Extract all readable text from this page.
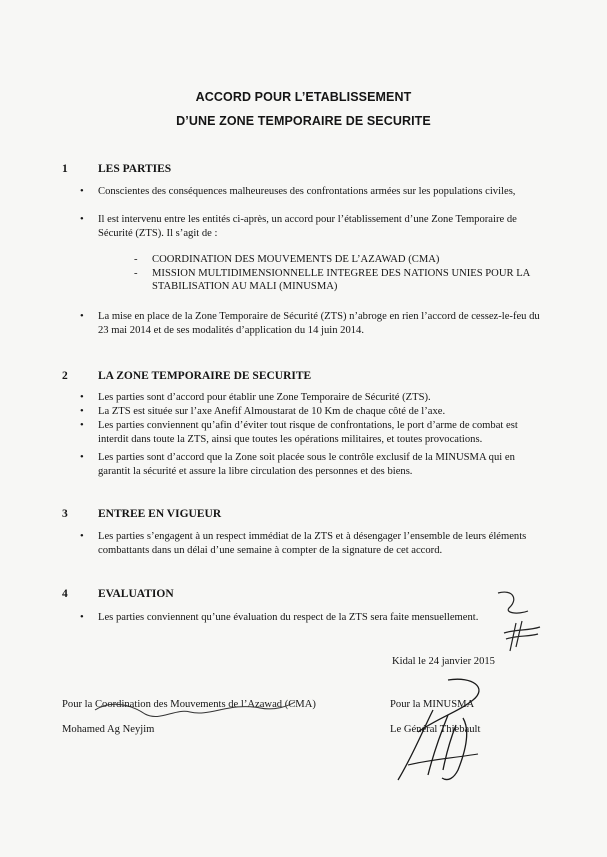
ACCORD POUR L’ETABLISSEMENT
D’UNE ZONE TEMPORAIRE DE SECURITE
1	LES PARTIES
• Conscientes des conséquences malheureuses des confrontations armées sur les populations civiles,
• Il est intervenu entre les entités ci-après, un accord pour l’établissement d’une Zone Temporaire de Sécurité (ZTS). Il s’agit de :
- COORDINATION DES MOUVEMENTS DE L’AZAWAD (CMA)
- MISSION MULTIDIMENSIONNELLE INTEGREE DES NATIONS UNIES POUR LA STABILISATION AU MALI (MINUSMA)
• La mise en place de la Zone Temporaire de Sécurité (ZTS) n’abroge en rien l’accord de cessez-le-feu du 23 mai 2014 et de ses modalités d’application du 14 juin 2014.
2	LA ZONE TEMPORAIRE DE SECURITE
• Les parties sont d’accord pour établir une Zone Temporaire de Sécurité (ZTS).
• La ZTS est située sur l’axe Anefif Almoustarat de 10 Km de chaque côté de l’axe.
• Les parties conviennent qu’afin d’éviter tout risque de confrontations, le port d’arme de combat est interdit dans toute la ZTS, ainsi que toutes les opérations militaires, et toutes provocations.
• Les parties sont d’accord que la Zone soit placée sous le contrôle exclusif de la MINUSMA qui en garantit la sécurité et assure la libre circulation des personnes et des biens.
3	ENTREE EN VIGUEUR
• Les parties s’engagent à un respect immédiat de la ZTS et à désengager l’ensemble de leurs éléments combattants dans un délai d’une semaine à compter de la signature de cet accord.
4	EVALUATION
• Les parties conviennent qu’une évaluation du respect de la ZTS sera faite mensuellement.
Kidal le 24 janvier 2015
Pour la Coordination des Mouvements de l’Azawad (CMA)
Mohamed Ag Neyjim
Pour la MINUSMA
Le Général Thiebault
